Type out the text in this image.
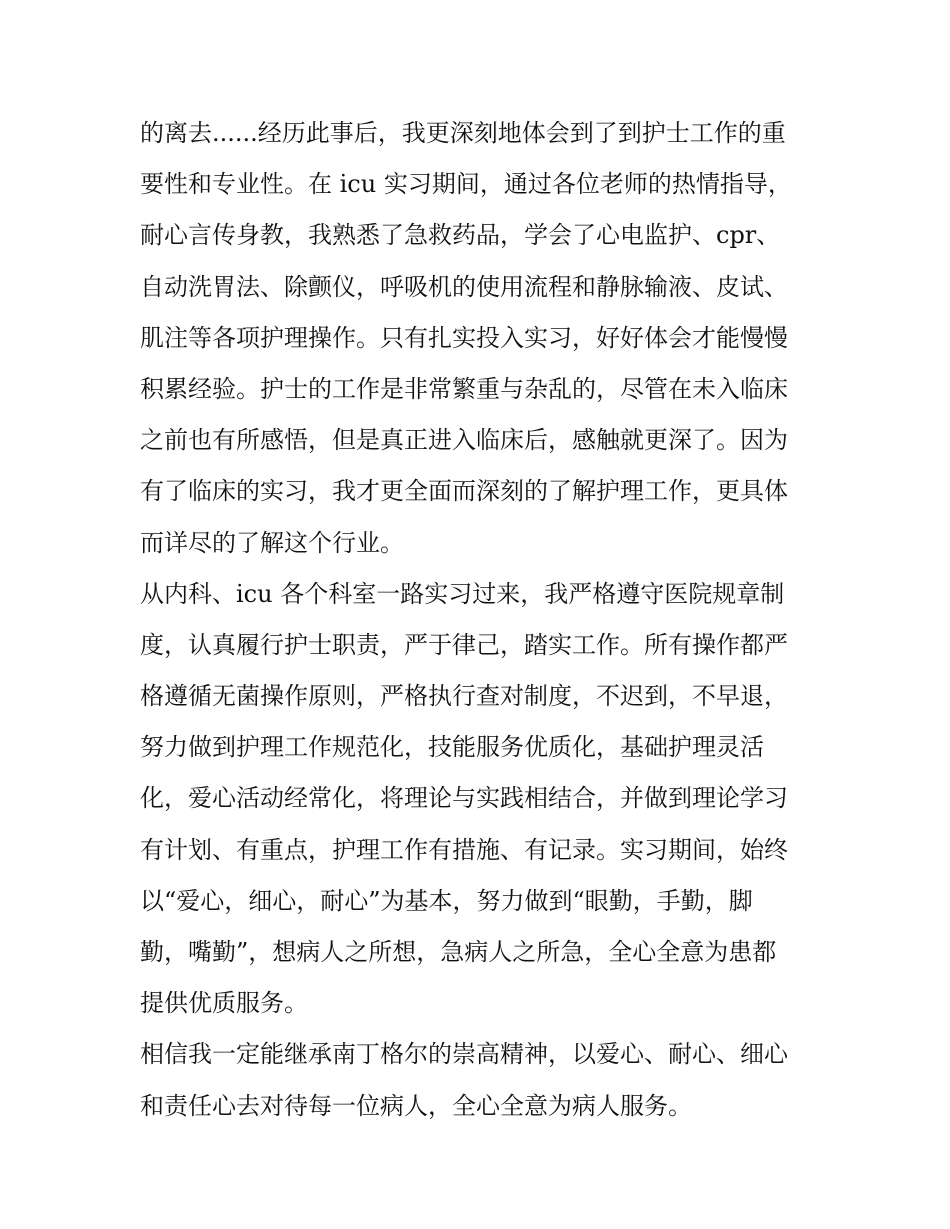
的离去......经历此事后，我更深刻地体会到了到护士工作的重
要性和专业性。在 icu 实习期间，通过各位老师的热情指导，
耐心言传身教，我熟悉了急救药品，学会了心电监护、cpr、
自动洗胃法、除颤仪，呼吸机的使用流程和静脉输液、皮试、
肌注等各项护理操作。只有扎实投入实习，好好体会才能慢慢
积累经验。护士的工作是非常繁重与杂乱的，尽管在未入临床
之前也有所感悟，但是真正进入临床后，感触就更深了。因为
有了临床的实习，我才更全面而深刻的了解护理工作，更具体
而详尽的了解这个行业。
从内科、icu 各个科室一路实习过来，我严格遵守医院规章制
度，认真履行护士职责，严于律己，踏实工作。所有操作都严
格遵循无菌操作原则，严格执行查对制度，不迟到，不早退，
努力做到护理工作规范化，技能服务优质化，基础护理灵活
化，爱心活动经常化，将理论与实践相结合，并做到理论学习
有计划、有重点，护理工作有措施、有记录。实习期间，始终
以“爱心，细心，耐心”为基本，努力做到“眼勤，手勤，脚
勤，嘴勤”，想病人之所想，急病人之所急，全心全意为患都
提供优质服务。
相信我一定能继承南丁格尔的崇高精神，以爱心、耐心、细心
和责任心去对待每一位病人，全心全意为病人服务。
